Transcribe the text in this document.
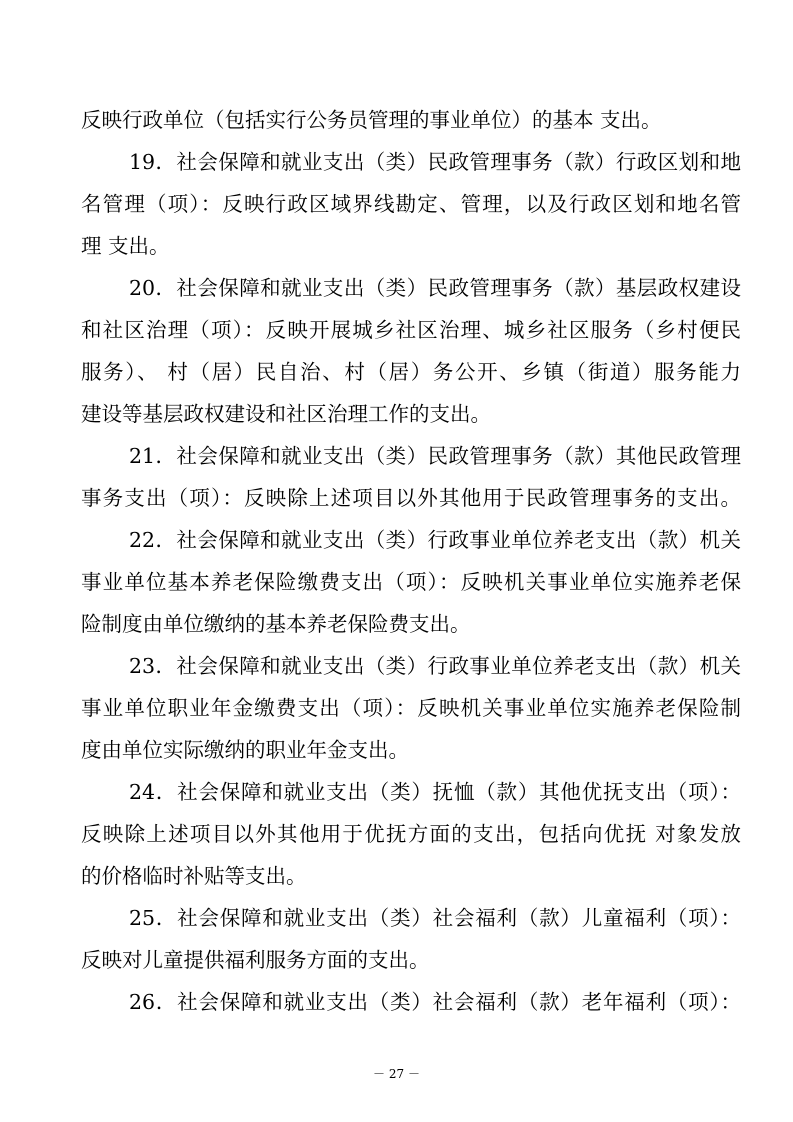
反映行政单位（包括实行公务员管理的事业单位）的基本 支出。
19．社会保障和就业支出（类）民政管理事务（款）行政区划和地
名管理（项）：反映行政区域界线勘定、管理，以及行政区划和地名管
理 支出。
20．社会保障和就业支出（类）民政管理事务（款）基层政权建设
和社区治理（项）：反映开展城乡社区治理、城乡社区服务（乡村便民
服务）、 村（居）民自治、村（居）务公开、乡镇（街道）服务能力
建设等基层政权建设和社区治理工作的支出。
21．社会保障和就业支出（类）民政管理事务（款）其他民政管理
事务支出（项）：反映除上述项目以外其他用于民政管理事务的支出。
22．社会保障和就业支出（类）行政事业单位养老支出（款）机关
事业单位基本养老保险缴费支出（项）：反映机关事业单位实施养老保
险制度由单位缴纳的基本养老保险费支出。
23．社会保障和就业支出（类）行政事业单位养老支出（款）机关
事业单位职业年金缴费支出（项）：反映机关事业单位实施养老保险制
度由单位实际缴纳的职业年金支出。
24．社会保障和就业支出（类）抚恤（款）其他优抚支出（项）：
反映除上述项目以外其他用于优抚方面的支出，包括向优抚 对象发放
的价格临时补贴等支出。
25．社会保障和就业支出（类）社会福利（款）儿童福利（项）：
反映对儿童提供福利服务方面的支出。
26．社会保障和就业支出（类）社会福利（款）老年福利（项）：
－ 27 －
